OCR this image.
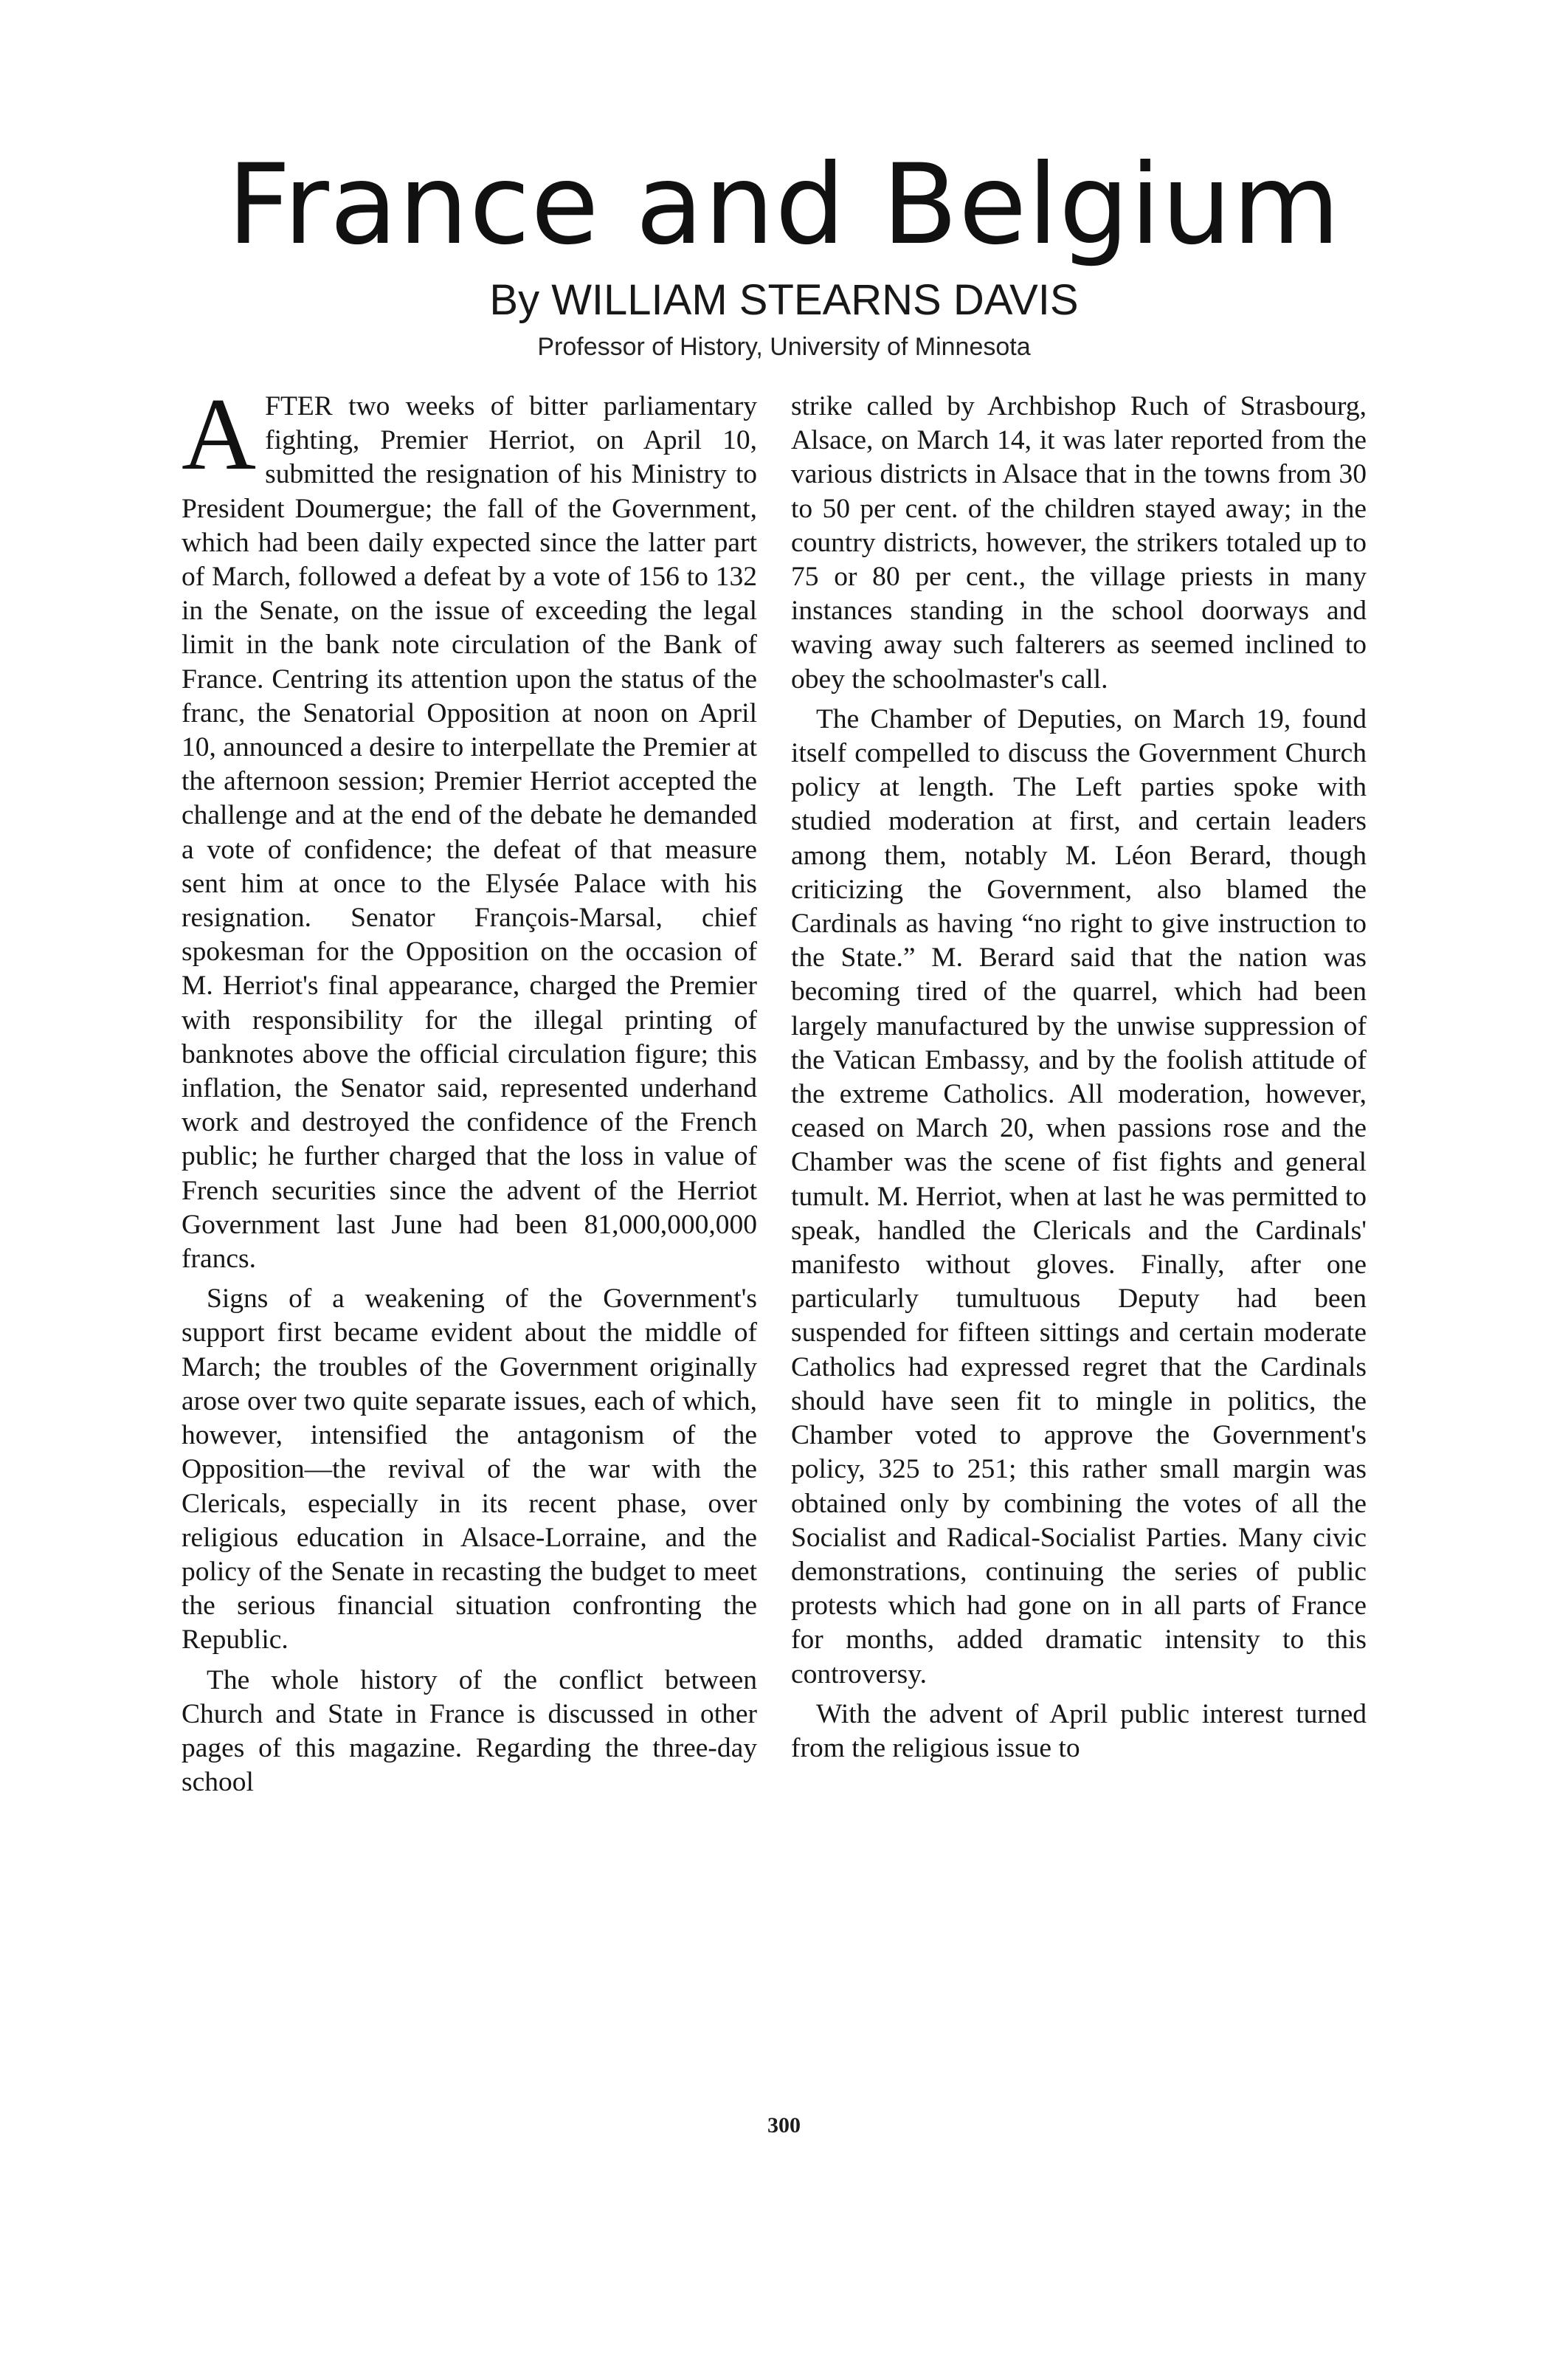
France and Belgium
By WILLIAM STEARNS DAVIS
Professor of History, University of Minnesota

AFTER two weeks of bitter parliamentary fighting, Premier Herriot, on April 10, submitted the resignation of his Ministry to President Doumergue; the fall of the Government, which had been daily expected since the latter part of March, followed a defeat by a vote of 156 to 132 in the Senate, on the issue of exceeding the legal limit in the bank note circulation of the Bank of France. Centring its attention upon the status of the franc, the Senatorial Opposition at noon on April 10, announced a desire to interpellate the Premier at the afternoon session; Premier Herriot accepted the challenge and at the end of the debate he demanded a vote of confidence; the defeat of that measure sent him at once to the Elysée Palace with his resignation. Senator François-Marsal, chief spokesman for the Opposition on the occasion of M. Herriot's final appearance, charged the Premier with responsibility for the illegal printing of banknotes above the official circulation figure; this inflation, the Senator said, represented underhand work and destroyed the confidence of the French public; he further charged that the loss in value of French securities since the advent of the Herriot Government last June had been 81,000,000,000 francs.

Signs of a weakening of the Government's support first became evident about the middle of March; the troubles of the Government originally arose over two quite separate issues, each of which, however, intensified the antagonism of the Opposition—the revival of the war with the Clericals, especially in its recent phase, over religious education in Alsace-Lorraine, and the policy of the Senate in recasting the budget to meet the serious financial situation confronting the Republic.

The whole history of the conflict between Church and State in France is discussed in other pages of this magazine. Regarding the three-day school

strike called by Archbishop Ruch of Strasbourg, Alsace, on March 14, it was later reported from the various districts in Alsace that in the towns from 30 to 50 per cent. of the children stayed away; in the country districts, however, the strikers totaled up to 75 or 80 per cent., the village priests in many instances standing in the school doorways and waving away such falterers as seemed inclined to obey the schoolmaster's call.

The Chamber of Deputies, on March 19, found itself compelled to discuss the Government Church policy at length. The Left parties spoke with studied moderation at first, and certain leaders among them, notably M. Léon Berard, though criticizing the Government, also blamed the Cardinals as having “no right to give instruction to the State.” M. Berard said that the nation was becoming tired of the quarrel, which had been largely manufactured by the unwise suppression of the Vatican Embassy, and by the foolish attitude of the extreme Catholics. All moderation, however, ceased on March 20, when passions rose and the Chamber was the scene of fist fights and general tumult. M. Herriot, when at last he was permitted to speak, handled the Clericals and the Cardinals' manifesto without gloves. Finally, after one particularly tumultuous Deputy had been suspended for fifteen sittings and certain moderate Catholics had expressed regret that the Cardinals should have seen fit to mingle in politics, the Chamber voted to approve the Government's policy, 325 to 251; this rather small margin was obtained only by combining the votes of all the Socialist and Radical-Socialist Parties. Many civic demonstrations, continuing the series of public protests which had gone on in all parts of France for months, added dramatic intensity to this controversy.

With the advent of April public interest turned from the religious issue to

300
